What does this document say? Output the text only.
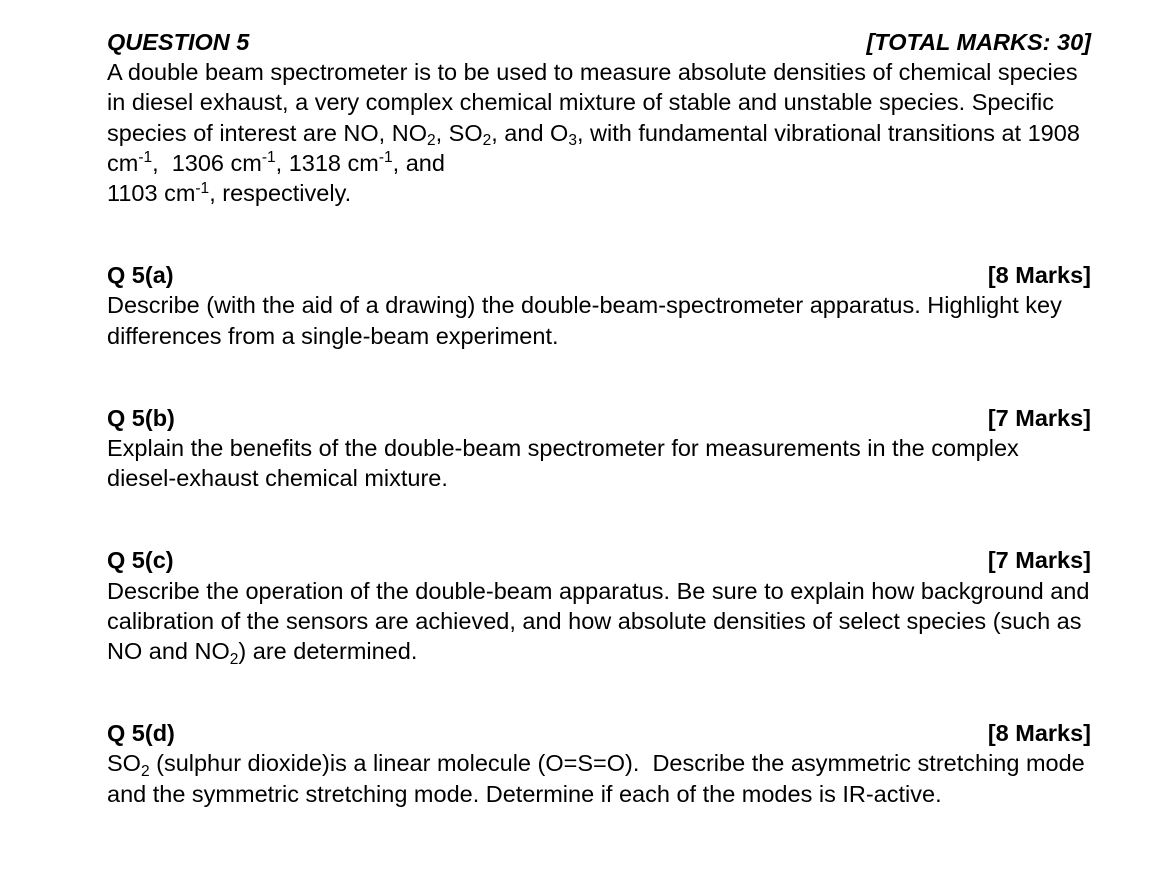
QUESTION 5	[TOTAL MARKS: 30]

A double beam spectrometer is to be used to measure absolute densities of chemical species in diesel exhaust, a very complex chemical mixture of stable and unstable species. Specific species of interest are NO, $NO_2$, $SO_2$, and $O_3$, with fundamental vibrational transitions at 1908 $cm^{-1}$,  1306 $cm^{-1}$, 1318 $cm^{-1}$, and
1103 $cm^{-1}$, respectively.

Q 5(a)	[8 Marks]

Describe (with the aid of a drawing) the double-beam-spectrometer apparatus. Highlight key differences from a single-beam experiment.

Q 5(b)	[7 Marks]

Explain the benefits of the double-beam spectrometer for measurements in the complex diesel-exhaust chemical mixture.

Q 5(c)	[7 Marks]

Describe the operation of the double-beam apparatus. Be sure to explain how background and calibration of the sensors are achieved, and how absolute densities of select species (such as NO and $NO_2$) are determined.

Q 5(d)	[8 Marks]

$SO_2$ (sulphur dioxide)is a linear molecule (O=S=O).  Describe the asymmetric stretching mode and the symmetric stretching mode. Determine if each of the modes is IR-active.
